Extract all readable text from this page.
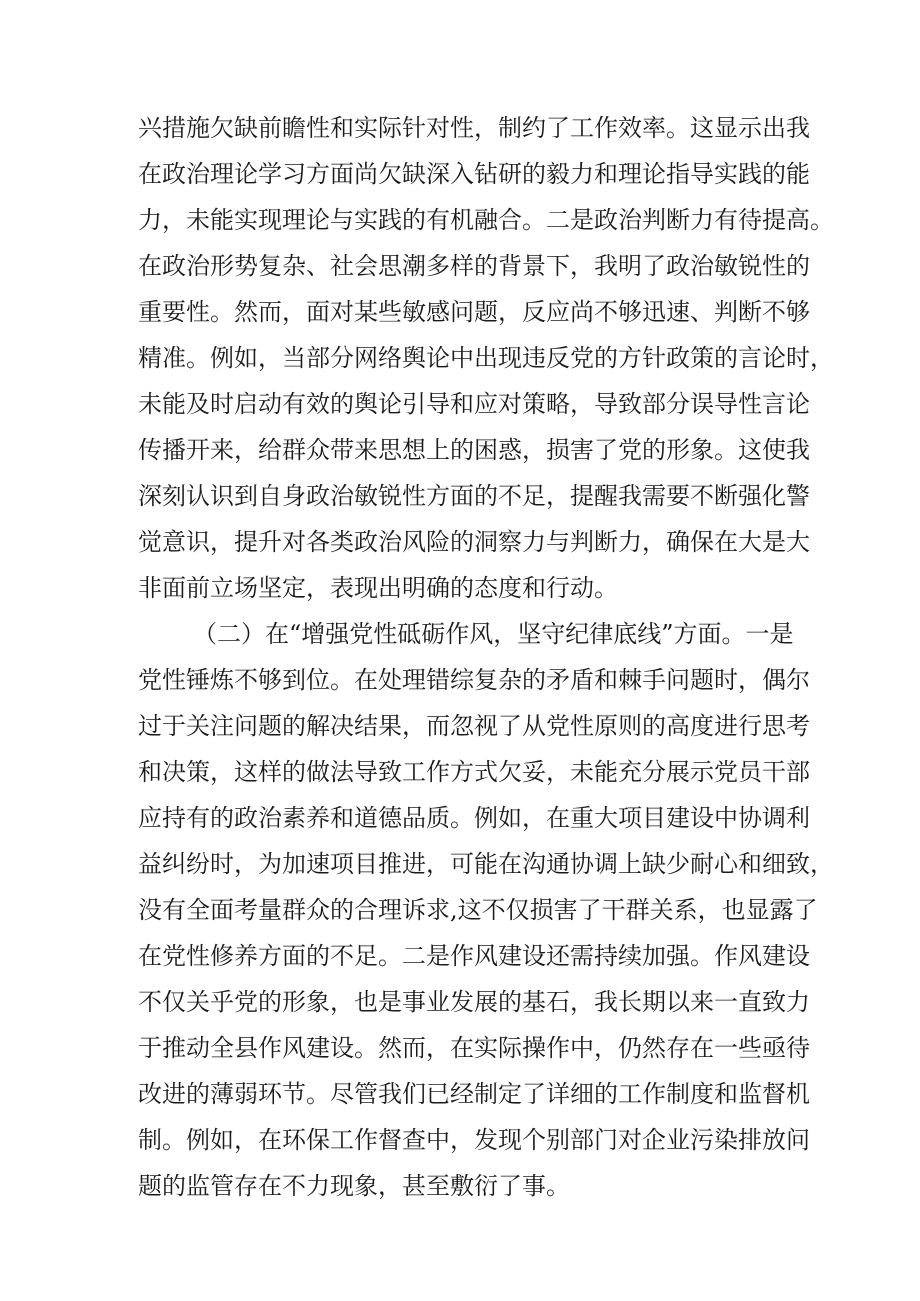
兴措施欠缺前瞻性和实际针对性，制约了工作效率。这显示出我
在政治理论学习方面尚欠缺深入钻研的毅力和理论指导实践的能
力，未能实现理论与实践的有机融合。二是政治判断力有待提高。
在政治形势复杂、社会思潮多样的背景下，我明了政治敏锐性的
重要性。然而，面对某些敏感问题，反应尚不够迅速、判断不够
精准。例如，当部分网络舆论中出现违反党的方针政策的言论时，
未能及时启动有效的舆论引导和应对策略，导致部分误导性言论
传播开来，给群众带来思想上的困惑，损害了党的形象。这使我
深刻认识到自身政治敏锐性方面的不足，提醒我需要不断强化警
觉意识，提升对各类政治风险的洞察力与判断力，确保在大是大
非面前立场坚定，表现出明确的态度和行动。
（二）在“增强党性砥砺作风，坚守纪律底线”方面。一是
党性锤炼不够到位。在处理错综复杂的矛盾和棘手问题时，偶尔
过于关注问题的解决结果，而忽视了从党性原则的高度进行思考
和决策，这样的做法导致工作方式欠妥，未能充分展示党员干部
应持有的政治素养和道德品质。例如，在重大项目建设中协调利
益纠纷时，为加速项目推进，可能在沟通协调上缺少耐心和细致，
没有全面考量群众的合理诉求,这不仅损害了干群关系，也显露了
在党性修养方面的不足。二是作风建设还需持续加强。作风建设
不仅关乎党的形象，也是事业发展的基石，我长期以来一直致力
于推动全县作风建设。然而，在实际操作中，仍然存在一些亟待
改进的薄弱环节。尽管我们已经制定了详细的工作制度和监督机
制。例如，在环保工作督查中，发现个别部门对企业污染排放问
题的监管存在不力现象，甚至敷衍了事。
